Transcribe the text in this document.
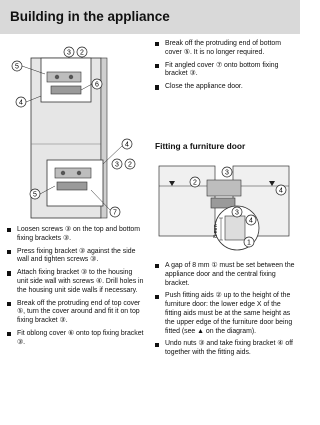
Building in the appliance
5
3 2
6
4
4
3 2
5
7
Loosen screws ③ on the top and bottom fixing brackets ③.
Press fixing bracket ③ against the side wall and tighten screws ③.
Attach fixing bracket ③ to the housing unit side wall with screws ④. Drill holes in the housing unit side walls if necessary.
Break off the protruding end of top cover ⑤, turn the cover around and fit it on top fixing bracket ③.
Fit oblong cover ⑥ onto top fixing bracket ③.
Break off the protruding end of bottom cover ⑤. It is no longer required.
Fit angled cover ⑦ onto bottom fixing bracket ③.
Close the appliance door.
Fitting a furniture door
8 mm
2
3
4
3
4
1
A gap of 8 mm ① must be set between the appliance door and the central fixing bracket.
Push fitting aids ② up to the height of the furniture door: the lower edge X of the fitting aids must be at the same height as the upper edge of the furniture door being fitted (see ▲ on the diagram).
Undo nuts ③ and take fixing bracket ④ off together with the fitting aids.
